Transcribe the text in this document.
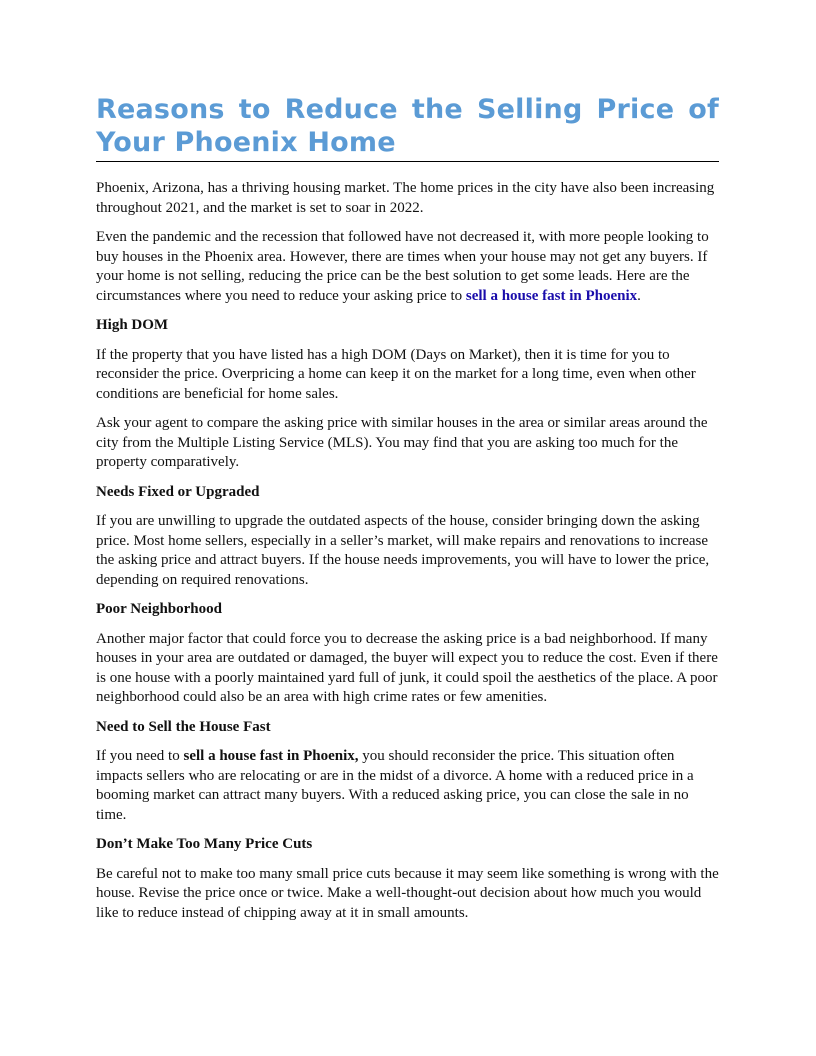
Reasons to Reduce the Selling Price of Your Phoenix Home

Phoenix, Arizona, has a thriving housing market. The home prices in the city have also been increasing throughout 2021, and the market is set to soar in 2022.

Even the pandemic and the recession that followed have not decreased it, with more people looking to buy houses in the Phoenix area. However, there are times when your house may not get any buyers. If your home is not selling, reducing the price can be the best solution to get some leads. Here are the circumstances where you need to reduce your asking price to sell a house fast in Phoenix.

High DOM

If the property that you have listed has a high DOM (Days on Market), then it is time for you to reconsider the price. Overpricing a home can keep it on the market for a long time, even when other conditions are beneficial for home sales.

Ask your agent to compare the asking price with similar houses in the area or similar areas around the city from the Multiple Listing Service (MLS). You may find that you are asking too much for the property comparatively.

Needs Fixed or Upgraded

If you are unwilling to upgrade the outdated aspects of the house, consider bringing down the asking price. Most home sellers, especially in a seller’s market, will make repairs and renovations to increase the asking price and attract buyers. If the house needs improvements, you will have to lower the price, depending on required renovations.

Poor Neighborhood

Another major factor that could force you to decrease the asking price is a bad neighborhood. If many houses in your area are outdated or damaged, the buyer will expect you to reduce the cost. Even if there is one house with a poorly maintained yard full of junk, it could spoil the aesthetics of the place. A poor neighborhood could also be an area with high crime rates or few amenities.

Need to Sell the House Fast

If you need to sell a house fast in Phoenix, you should reconsider the price. This situation often impacts sellers who are relocating or are in the midst of a divorce. A home with a reduced price in a booming market can attract many buyers. With a reduced asking price, you can close the sale in no time.

Don’t Make Too Many Price Cuts

Be careful not to make too many small price cuts because it may seem like something is wrong with the house. Revise the price once or twice. Make a well-thought-out decision about how much you would like to reduce instead of chipping away at it in small amounts.
